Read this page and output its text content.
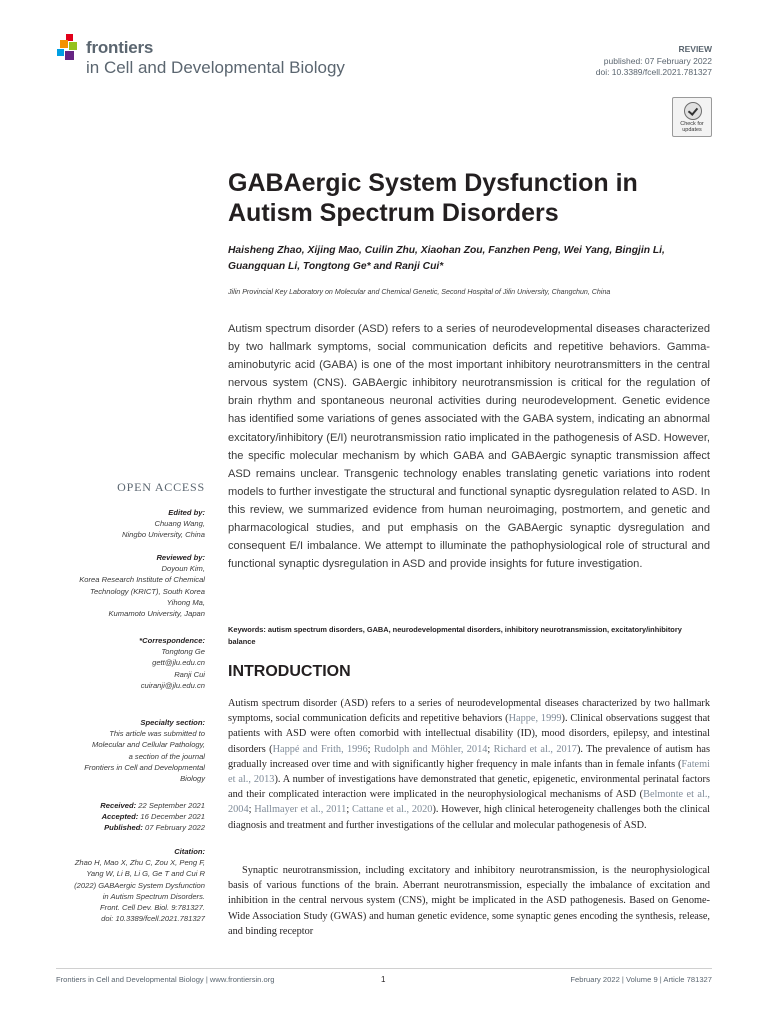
frontiers
in Cell and Developmental Biology
REVIEW
published: 07 February 2022
doi: 10.3389/fcell.2021.781327
Check for updates
GABAergic System Dysfunction in Autism Spectrum Disorders
Haisheng Zhao, Xijing Mao, Cuilin Zhu, Xiaohan Zou, Fanzhen Peng, Wei Yang, Bingjin Li, Guangquan Li, Tongtong Ge* and Ranji Cui*
Jilin Provincial Key Laboratory on Molecular and Chemical Genetic, Second Hospital of Jilin University, Changchun, China

Autism spectrum disorder (ASD) refers to a series of neurodevelopmental diseases characterized by two hallmark symptoms, social communication deficits and repetitive behaviors. Gamma-aminobutyric acid (GABA) is one of the most important inhibitory neurotransmitters in the central nervous system (CNS). GABAergic inhibitory neurotransmission is critical for the regulation of brain rhythm and spontaneous neuronal activities during neurodevelopment. Genetic evidence has identified some variations of genes associated with the GABA system, indicating an abnormal excitatory/inhibitory (E/I) neurotransmission ratio implicated in the pathogenesis of ASD. However, the specific molecular mechanism by which GABA and GABAergic synaptic transmission affect ASD remains unclear. Transgenic technology enables translating genetic variations into rodent models to further investigate the structural and functional synaptic dysregulation related to ASD. In this review, we summarized evidence from human neuroimaging, postmortem, and genetic and pharmacological studies, and put emphasis on the GABAergic synaptic dysregulation and consequent E/I imbalance. We attempt to illuminate the pathophysiological role of structural and functional synaptic dysregulation in ASD and provide insights for future investigation.

Keywords: autism spectrum disorders, GABA, neurodevelopmental disorders, inhibitory neurotransmission, excitatory/inhibitory balance
INTRODUCTION

Autism spectrum disorder (ASD) refers to a series of neurodevelopmental diseases characterized by two hallmark symptoms, social communication deficits and repetitive behaviors (Happe, 1999). Clinical observations suggest that patients with ASD were often comorbid with intellectual disability (ID), mood disorders, epilepsy, and intestinal disorders (Happé and Frith, 1996; Rudolph and Möhler, 2014; Richard et al., 2017). The prevalence of autism has gradually increased over time and with significantly higher frequency in male infants than in female infants (Fatemi et al., 2013). A number of investigations have demonstrated that genetic, epigenetic, environmental perinatal factors and their complicated interaction were implicated in the neurophysiological mechanisms of ASD (Belmonte et al., 2004; Hallmayer et al., 2011; Cattane et al., 2020). However, high clinical heterogeneity challenges both the clinical diagnosis and treatment and further investigations of the cellular and molecular pathogenesis of ASD.

Synaptic neurotransmission, including excitatory and inhibitory neurotransmission, is the neurophysiological basis of various functions of the brain. Aberrant neurotransmission, especially the imbalance of excitation and inhibition in the central nervous system (CNS), might be implicated in the ASD pathogenesis. Based on Genome-Wide Association Study (GWAS) and human genetic evidence, some synaptic genes encoding the synthesis, release, and binding receptor

OPEN ACCESS
Edited by:
Chuang Wang,
Ningbo University, China
Reviewed by:
Doyoun Kim,
Korea Research Institute of Chemical
Technology (KRICT), South Korea
Yihong Ma,
Kumamoto University, Japan
*Correspondence:
Tongtong Ge
gett@jlu.edu.cn
Ranji Cui
cuiranji@jlu.edu.cn
Specialty section:
This article was submitted to
Molecular and Cellular Pathology,
a section of the journal
Frontiers in Cell and Developmental
Biology
Received: 22 September 2021
Accepted: 16 December 2021
Published: 07 February 2022
Citation:
Zhao H, Mao X, Zhu C, Zou X, Peng F,
Yang W, Li B, Li G, Ge T and Cui R
(2022) GABAergic System Dysfunction
in Autism Spectrum Disorders.
Front. Cell Dev. Biol. 9:781327.
doi: 10.3389/fcell.2021.781327
Frontiers in Cell and Developmental Biology | www.frontiersin.org	1	February 2022 | Volume 9 | Article 781327
